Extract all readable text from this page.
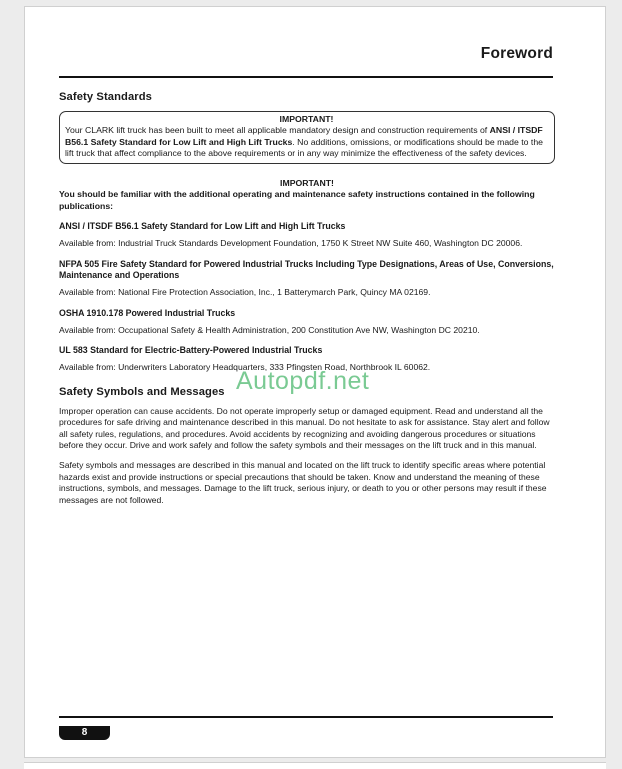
Foreword
Safety Standards
IMPORTANT!
Your CLARK lift truck has been built to meet all applicable mandatory design and construction requirements of ANSI / ITSDF B56.1 Safety Standard for Low Lift and High Lift Trucks. No additions, omissions, or modifications should be made to the lift truck that affect compliance to the above requirements or in any way minimize the effectiveness of the safety devices.
IMPORTANT!
You should be familiar with the additional operating and maintenance safety instructions contained in the following publications:
ANSI / ITSDF B56.1 Safety Standard for Low Lift and High Lift Trucks
Available from: Industrial Truck Standards Development Foundation, 1750 K Street NW Suite 460, Washington DC 20006.
NFPA 505 Fire Safety Standard for Powered Industrial Trucks Including Type Designations, Areas of Use, Conversions, Maintenance and Operations
Available from: National Fire Protection Association, Inc., 1 Batterymarch Park, Quincy MA 02169.
OSHA 1910.178 Powered Industrial Trucks
Available from: Occupational Safety & Health Administration, 200 Constitution Ave NW, Washington DC 20210.
UL 583 Standard for Electric-Battery-Powered Industrial Trucks
Available from: Underwriters Laboratory Headquarters, 333 Pfingsten Road, Northbrook IL 60062.
Safety Symbols and Messages

Improper operation can cause accidents. Do not operate improperly setup or damaged equipment. Read and understand all the procedures for safe driving and maintenance described in this manual. Do not hesitate to ask for assistance. Stay alert and follow all safety rules, regulations, and procedures. Avoid accidents by recognizing and avoiding dangerous procedures or situations before they occur. Drive and work safely and follow the safety symbols and their messages on the lift truck and in this manual.

Safety symbols and messages are described in this manual and located on the lift truck to identify specific areas where potential hazards exist and provide instructions or special precautions that should be taken. Know and understand the meaning of these instructions, symbols, and messages. Damage to the lift truck, serious injury, or death to you or other persons may result if these messages are not followed.

8
Autopdf.net
